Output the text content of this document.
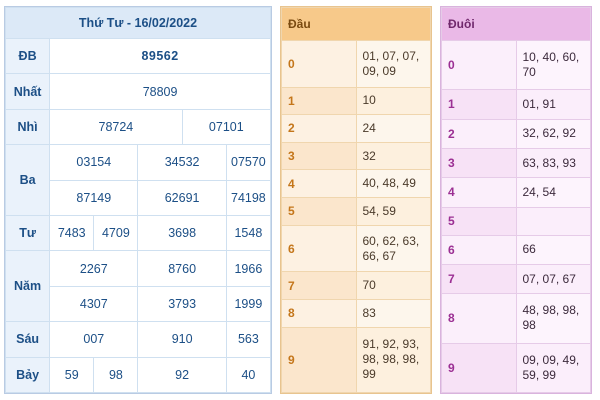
Thứ Tư - 16/02/2022					
ĐB	89562				
Nhất	78809				
Nhì	78724			07101	
Ba	03154		34532		07570
	87149		62691		74198
Tư	7483	4709	3698		1548
Năm	2267		8760		1966
	4307		3793		1999
Sáu	007		910		563
Bảy	59	98	92		40
Đầu	
0	01, 07, 07, 09, 09
1	10
2	24
3	32
4	40, 48, 49
5	54, 59
6	60, 62, 63, 66, 67
7	70
8	83
9	91, 92, 93, 98, 98, 98, 99
Đuôi	
0	10, 40, 60, 70
1	01, 91
2	32, 62, 92
3	63, 83, 93
4	24, 54
5	
6	66
7	07, 07, 67
8	48, 98, 98, 98
9	09, 09, 49, 59, 99
